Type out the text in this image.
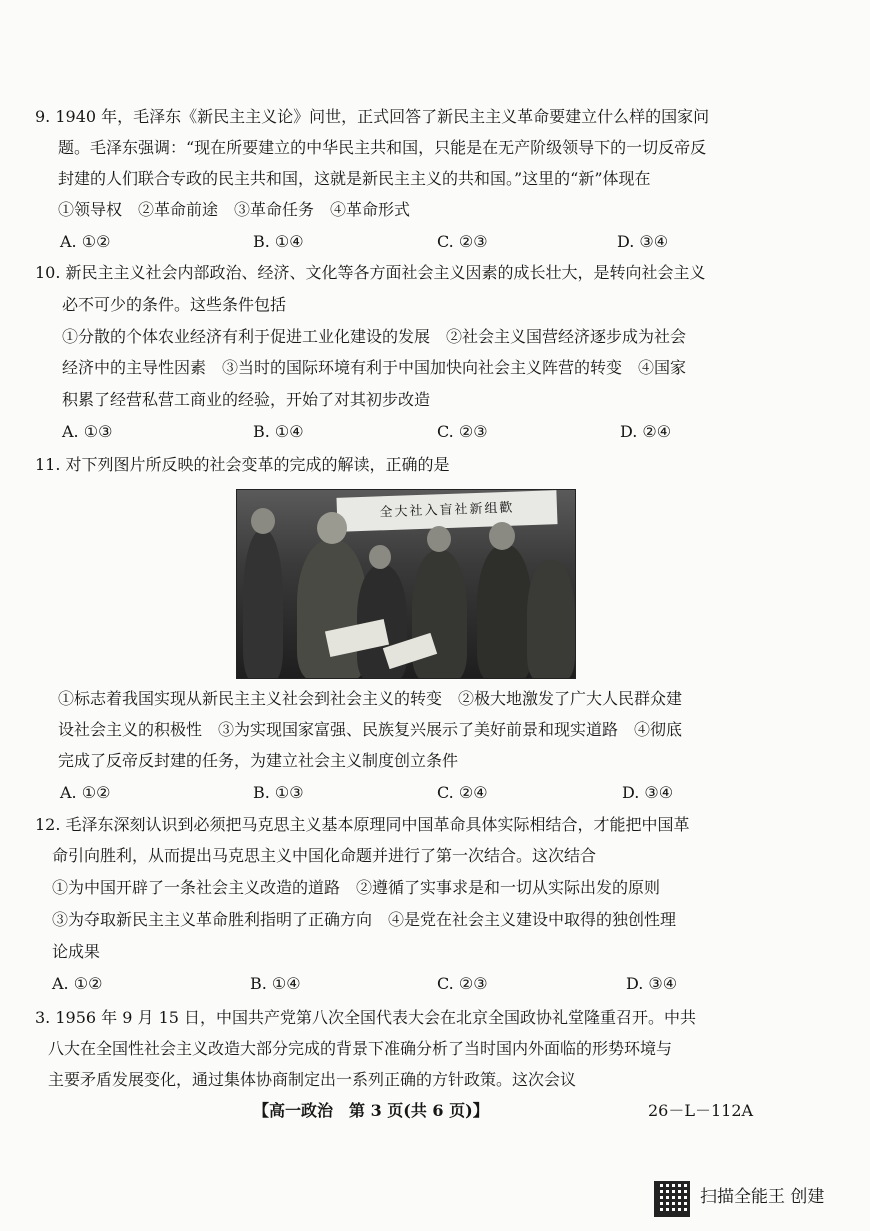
9. 1940 年，毛泽东《新民主主义论》问世，正式回答了新民主主义革命要建立什么样的国家问
题。毛泽东强调：“现在所要建立的中华民主共和国，只能是在无产阶级领导下的一切反帝反
封建的人们联合专政的民主共和国，这就是新民主主义的共和国。”这里的“新”体现在
①领导权　②革命前途　③革命任务　④革命形式
A. ①②	B. ①④	C. ②③	D. ③④
10. 新民主主义社会内部政治、经济、文化等各方面社会主义因素的成长壮大，是转向社会主义
必不可少的条件。这些条件包括
①分散的个体农业经济有利于促进工业化建设的发展　②社会主义国营经济逐步成为社会
经济中的主导性因素　③当时的国际环境有利于中国加快向社会主义阵营的转变　④国家
积累了经营私营工商业的经验，开始了对其初步改造
A. ①③	B. ①④	C. ②③	D. ②④
11. 对下列图片所反映的社会变革的完成的解读，正确的是
全大社入盲社新组歡
①标志着我国实现从新民主主义社会到社会主义的转变　②极大地激发了广大人民群众建
设社会主义的积极性　③为实现国家富强、民族复兴展示了美好前景和现实道路　④彻底
完成了反帝反封建的任务，为建立社会主义制度创立条件
A. ①②	B. ①③	C. ②④	D. ③④
12. 毛泽东深刻认识到必须把马克思主义基本原理同中国革命具体实际相结合，才能把中国革
命引向胜利，从而提出马克思主义中国化命题并进行了第一次结合。这次结合
①为中国开辟了一条社会主义改造的道路　②遵循了实事求是和一切从实际出发的原则
③为夺取新民主主义革命胜利指明了正确方向　④是党在社会主义建设中取得的独创性理
论成果
A. ①②	B. ①④	C. ②③	D. ③④
3. 1956 年 9 月 15 日，中国共产党第八次全国代表大会在北京全国政协礼堂隆重召开。中共
八大在全国性社会主义改造大部分完成的背景下准确分析了当时国内外面临的形势环境与
主要矛盾发展变化，通过集体协商制定出一系列正确的方针政策。这次会议
【高一政治　第 3 页(共 6 页)】	26－L－112A
扫描全能王 创建
